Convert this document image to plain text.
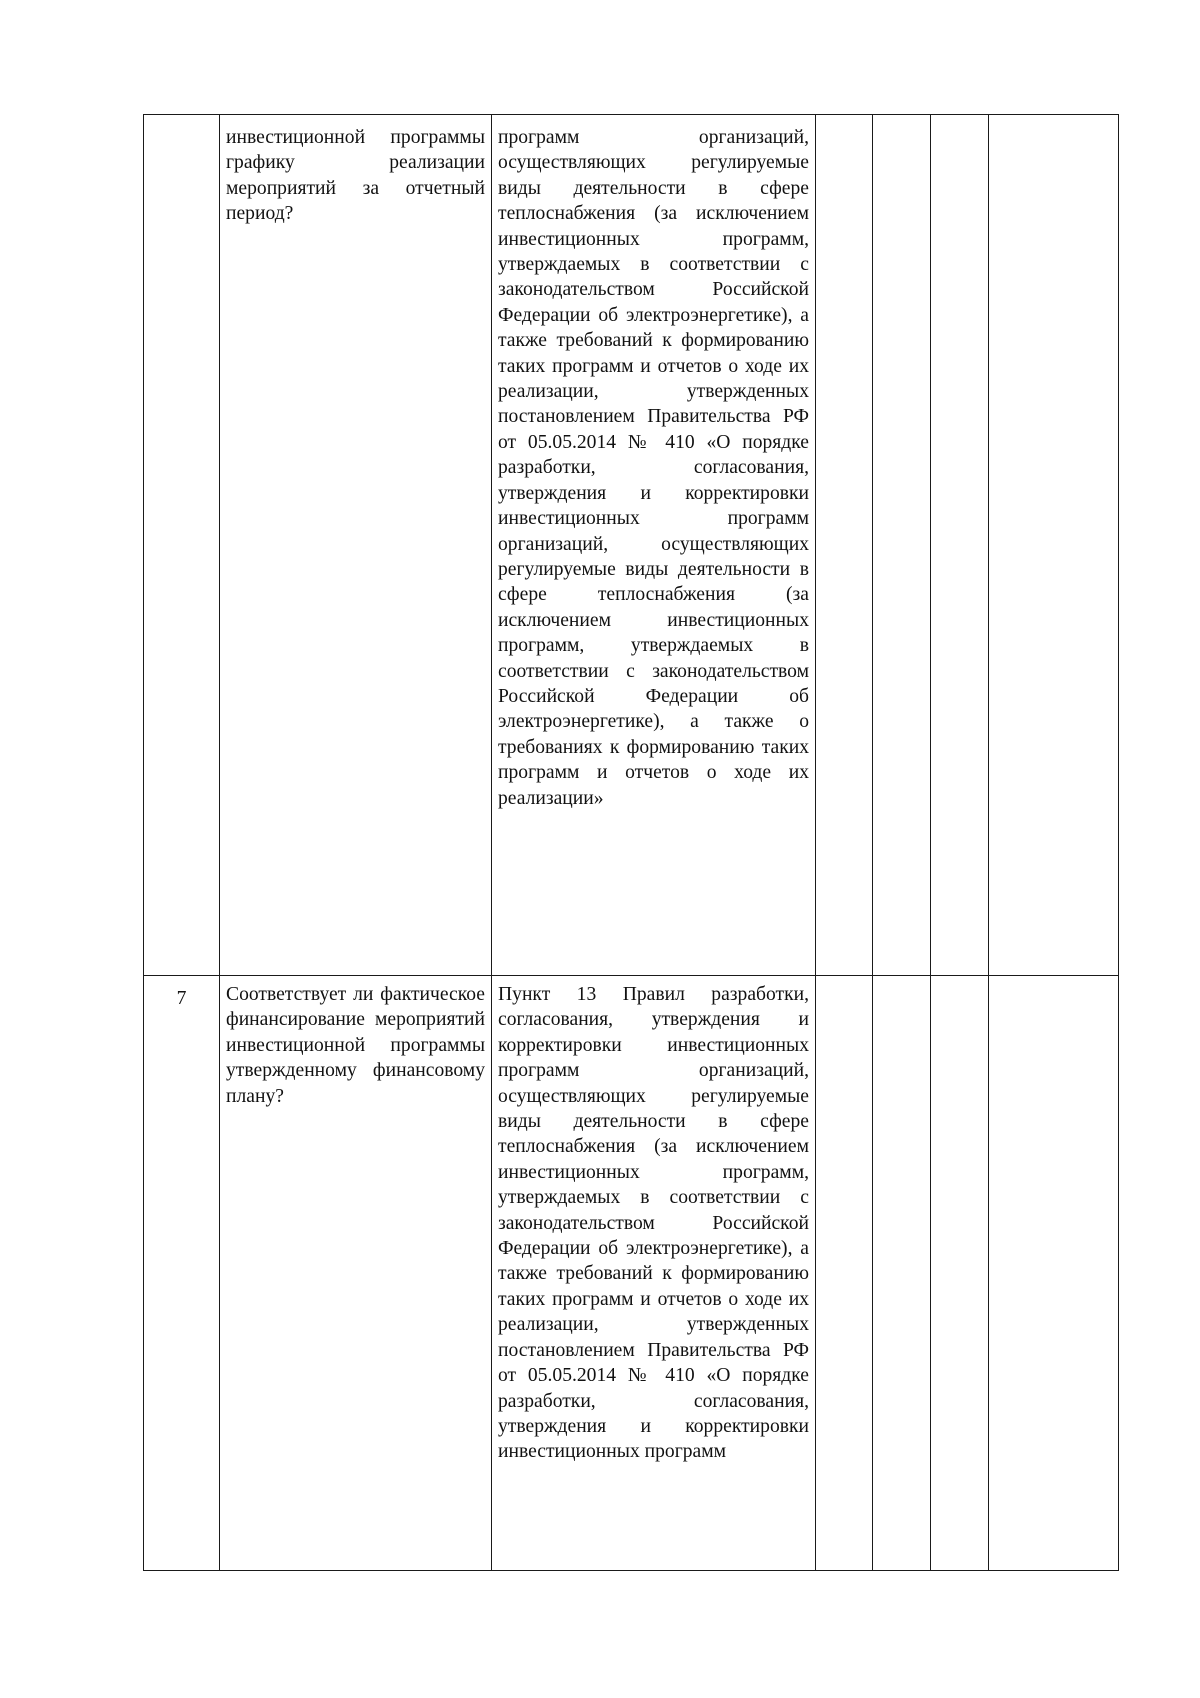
	инвестиционной программы графику реализации мероприятий за отчетный период?	программ организаций, осуществляющих регулируемые виды деятельности в сфере теплоснабжения (за исключением инвестиционных программ, утверждаемых в соответствии с законодательством Российской Федерации об электроэнергетике), а также требований к формированию таких программ и отчетов о ходе их реализации, утвержденных постановлением Правительства РФ от 05.05.2014 № 410 «О порядке разработки, согласования, утверждения и корректировки инвестиционных программ организаций, осуществляющих регулируемые виды деятельности в сфере теплоснабжения (за исключением инвестиционных программ, утверждаемых в соответствии с законодательством Российской Федерации об электроэнергетике), а также о требованиях к формированию таких программ и отчетов о ходе их реализации»				
7	Соответствует ли фактическое финансирование мероприятий инвестиционной программы утвержденному финансовому плану?	Пункт 13 Правил разработки, согласования, утверждения и корректировки инвестиционных программ организаций, осуществляющих регулируемые виды деятельности в сфере теплоснабжения (за исключением инвестиционных программ, утверждаемых в соответствии с законодательством Российской Федерации об электроэнергетике), а также требований к формированию таких программ и отчетов о ходе их реализации, утвержденных постановлением Правительства РФ от 05.05.2014 № 410 «О порядке разработки, согласования, утверждения и корректировки инвестиционных программ				
